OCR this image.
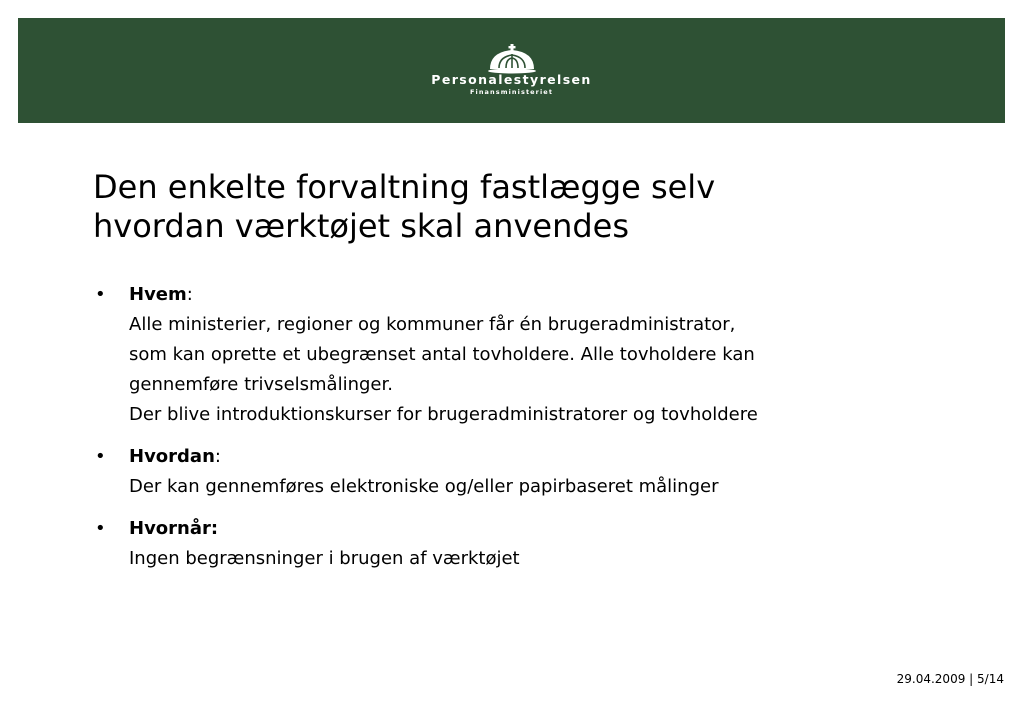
Personalestyrelsen
Finansministeriet
Den enkelte forvaltning fastlægge selv
hvordan værktøjet skal anvendes
• Hvem:
Alle ministerier, regioner og kommuner får én brugeradministrator,
som kan oprette et ubegrænset antal tovholdere. Alle tovholdere kan
gennemføre trivselsmålinger.
Der blive introduktionskurser for brugeradministratorer og tovholdere
• Hvordan:
Der kan gennemføres elektroniske og/eller papirbaseret målinger
• Hvornår:
Ingen begrænsninger i brugen af værktøjet
29.04.2009 | 5/14
